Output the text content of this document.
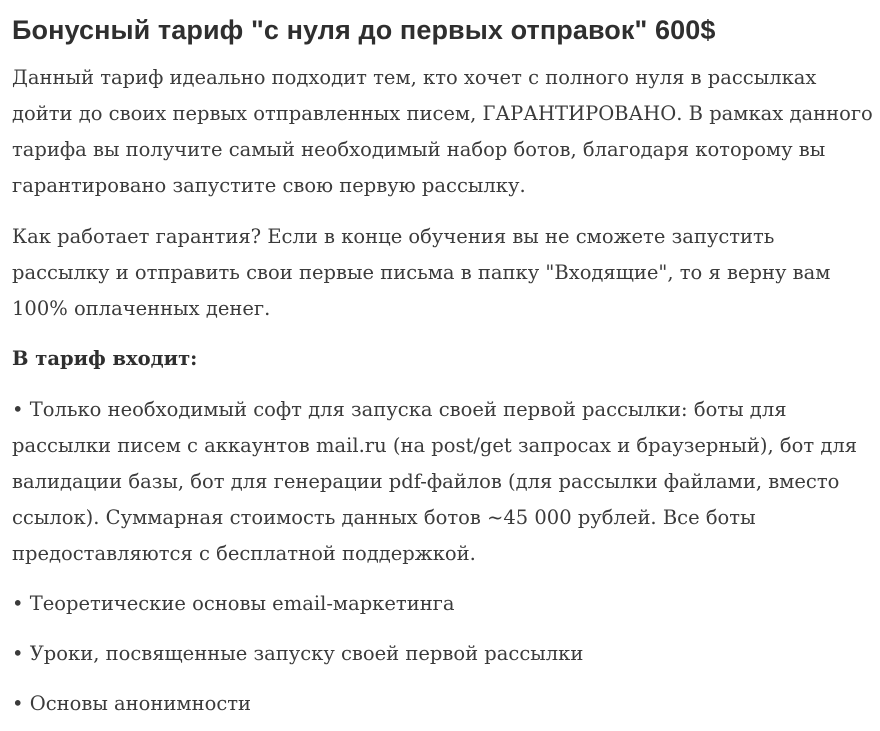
Бонусный тариф "с нуля до первых отправок" 600$

Данный тариф идеально подходит тем, кто хочет с полного нуля в рассылках дойти до своих первых отправленных писем, ГАРАНТИРОВАНО. В рамках данного тарифа вы получите самый необходимый набор ботов, благодаря которому вы гарантировано запустите свою первую рассылку.

Как работает гарантия? Если в конце обучения вы не сможете запустить рассылку и отправить свои первые письма в папку "Входящие", то я верну вам 100% оплаченных денег.

В тариф входит:

• Только необходимый софт для запуска своей первой рассылки: боты для рассылки писем с аккаунтов mail.ru (на post/get запросах и браузерный), бот для валидации базы, бот для генерации pdf-файлов (для рассылки файлами, вместо ссылок). Суммарная стоимость данных ботов ~45 000 рублей. Все боты предоставляются с бесплатной поддержкой.
• Теоретические основы email-маркетинга
• Уроки, посвященные запуску своей первой рассылки
• Основы анонимности
